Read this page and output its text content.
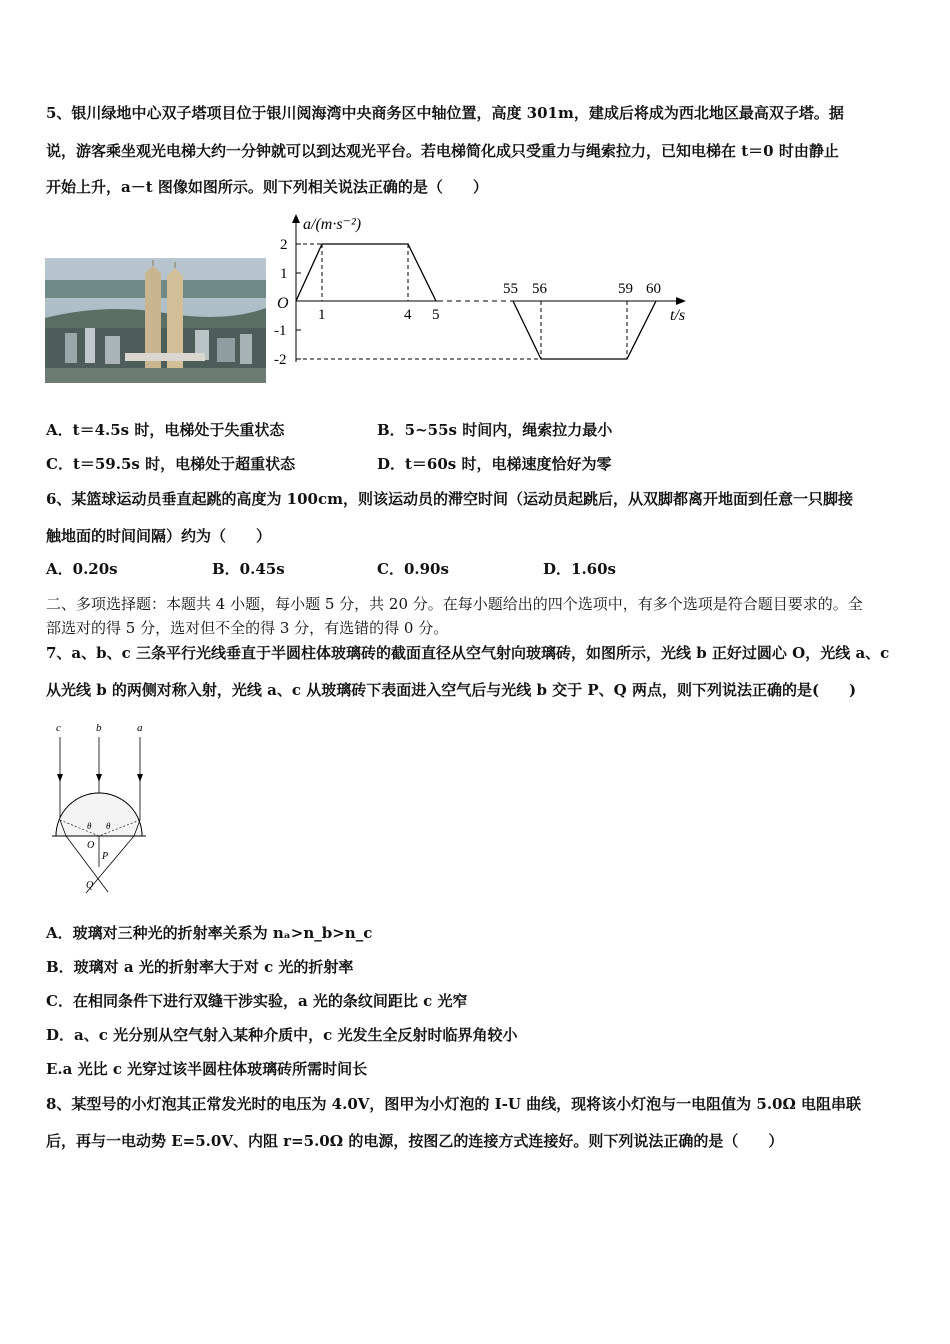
5、银川绿地中心双子塔项目位于银川阅海湾中央商务区中轴位置，高度 301m，建成后将成为西北地区最高双子塔。据
说，游客乘坐观光电梯大约一分钟就可以到达观光平台。若电梯简化成只受重力与绳索拉力，已知电梯在 t＝0 时由静止
开始上升，a－t 图像如图所示。则下列相关说法正确的是（　　）
a/(m·s⁻²)
2
1
-1
-2
O
1	4 5
55 56	59 60
t/s
A．t＝4.5s 时，电梯处于失重状态	B．5~55s 时间内，绳索拉力最小
C．t＝59.5s 时，电梯处于超重状态	D．t＝60s 时，电梯速度恰好为零
6、某篮球运动员垂直起跳的高度为 100cm，则该运动员的滞空时间（运动员起跳后，从双脚都离开地面到任意一只脚接
触地面的时间间隔）约为（　　）
A．0.20s	B．0.45s	C．0.90s	D．1.60s
二、多项选择题：本题共 4 小题，每小题 5 分，共 20 分。在每小题给出的四个选项中，有多个选项是符合题目要求的。全
部选对的得 5 分，选对但不全的得 3 分，有选错的得 0 分。
7、a、b、c 三条平行光线垂直于半圆柱体玻璃砖的截面直径从空气射向玻璃砖，如图所示，光线 b 正好过圆心 O，光线 a、c
从光线 b 的两侧对称入射，光线 a、c 从玻璃砖下表面进入空气后与光线 b 交于 P、Q 两点，则下列说法正确的是(　　)
c	b	a
θ θ
O
P
Q
A．玻璃对三种光的折射率关系为 nₐ>n_b>n_c
B．玻璃对 a 光的折射率大于对 c 光的折射率
C．在相同条件下进行双缝干涉实验，a 光的条纹间距比 c 光窄
D．a、c 光分别从空气射入某种介质中，c 光发生全反射时临界角较小
E.a 光比 c 光穿过该半圆柱体玻璃砖所需时间长
8、某型号的小灯泡其正常发光时的电压为 4.0V，图甲为小灯泡的 I-U 曲线，现将该小灯泡与一电阻值为 5.0Ω 电阻串联
后，再与一电动势 E=5.0V、内阻 r=5.0Ω 的电源，按图乙的连接方式连接好。则下列说法正确的是（　　）
